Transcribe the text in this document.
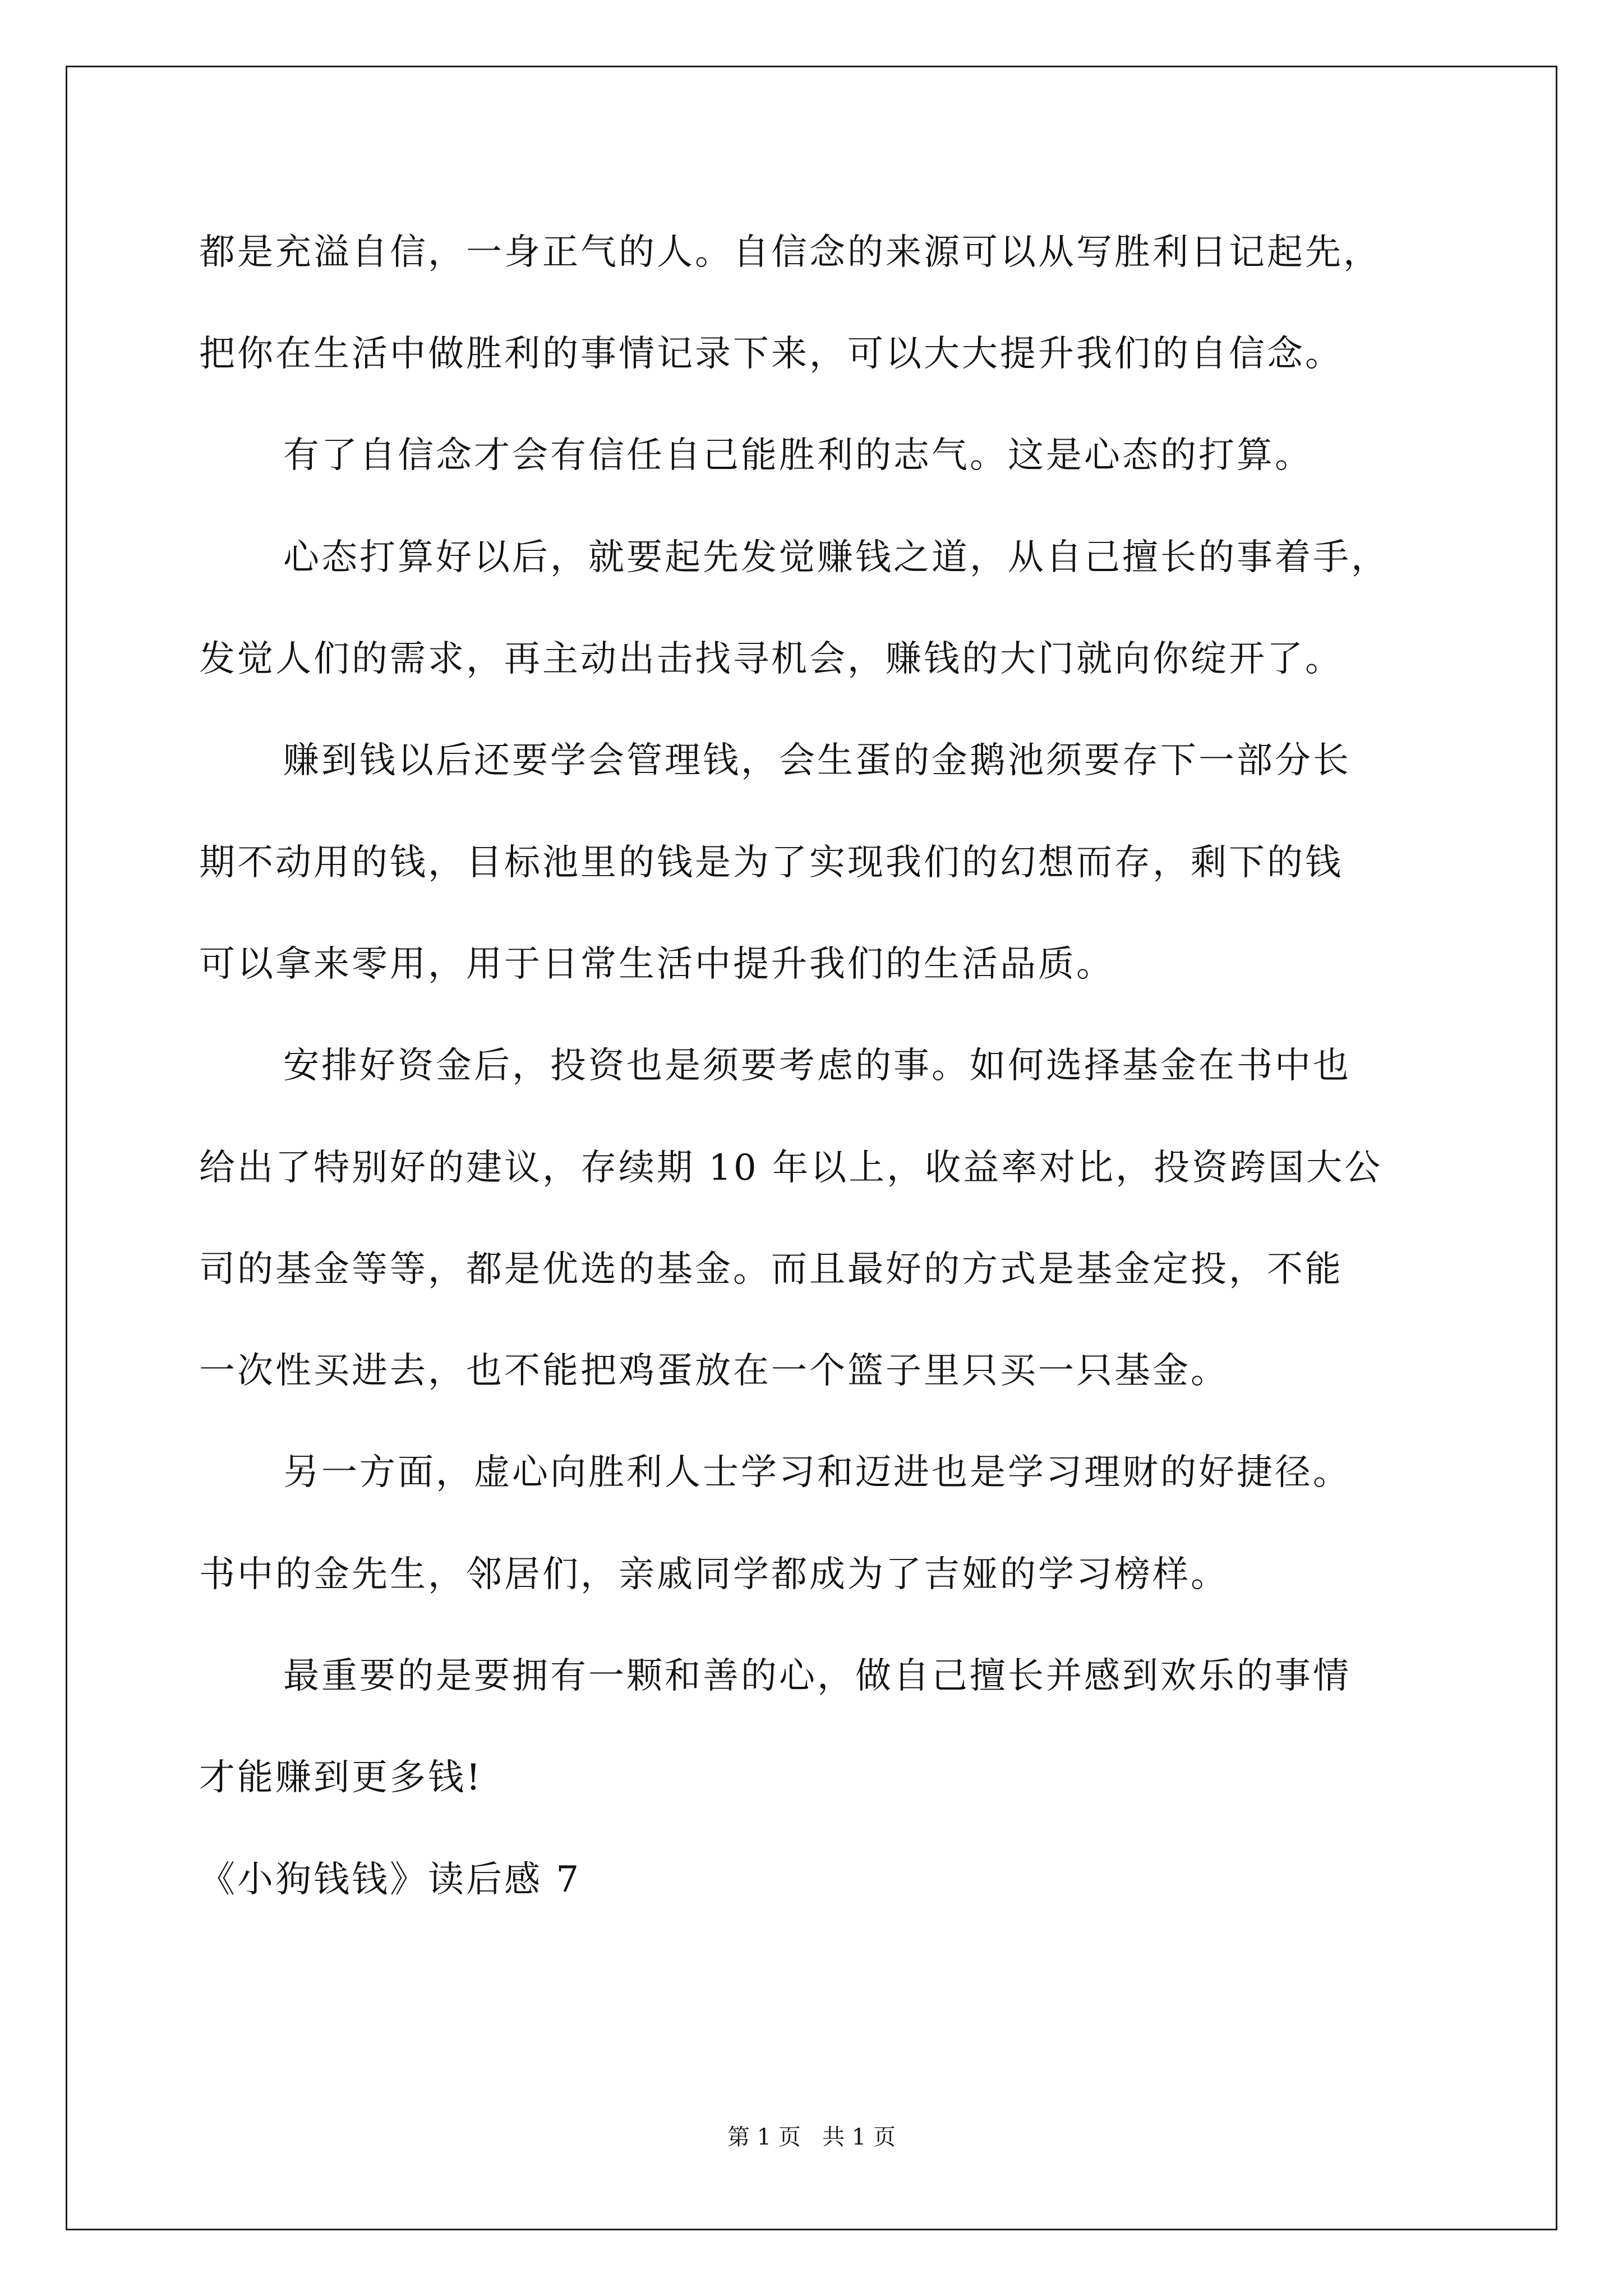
都是充溢自信，一身正气的人。自信念的来源可以从写胜利日记起先，
把你在生活中做胜利的事情记录下来，可以大大提升我们的自信念。
有了自信念才会有信任自己能胜利的志气。这是心态的打算。
心态打算好以后，就要起先发觉赚钱之道，从自己擅长的事着手，
发觉人们的需求，再主动出击找寻机会，赚钱的大门就向你绽开了。
赚到钱以后还要学会管理钱，会生蛋的金鹅池须要存下一部分长
期不动用的钱，目标池里的钱是为了实现我们的幻想而存，剩下的钱
可以拿来零用，用于日常生活中提升我们的生活品质。
安排好资金后，投资也是须要考虑的事。如何选择基金在书中也
给出了特别好的建议，存续期 10 年以上，收益率对比，投资跨国大公
司的基金等等，都是优选的基金。而且最好的方式是基金定投，不能
一次性买进去，也不能把鸡蛋放在一个篮子里只买一只基金。
另一方面，虚心向胜利人士学习和迈进也是学习理财的好捷径。
书中的金先生，邻居们，亲戚同学都成为了吉娅的学习榜样。
最重要的是要拥有一颗和善的心，做自己擅长并感到欢乐的事情
才能赚到更多钱!
《小狗钱钱》读后感 7
第 1 页   共 1 页
